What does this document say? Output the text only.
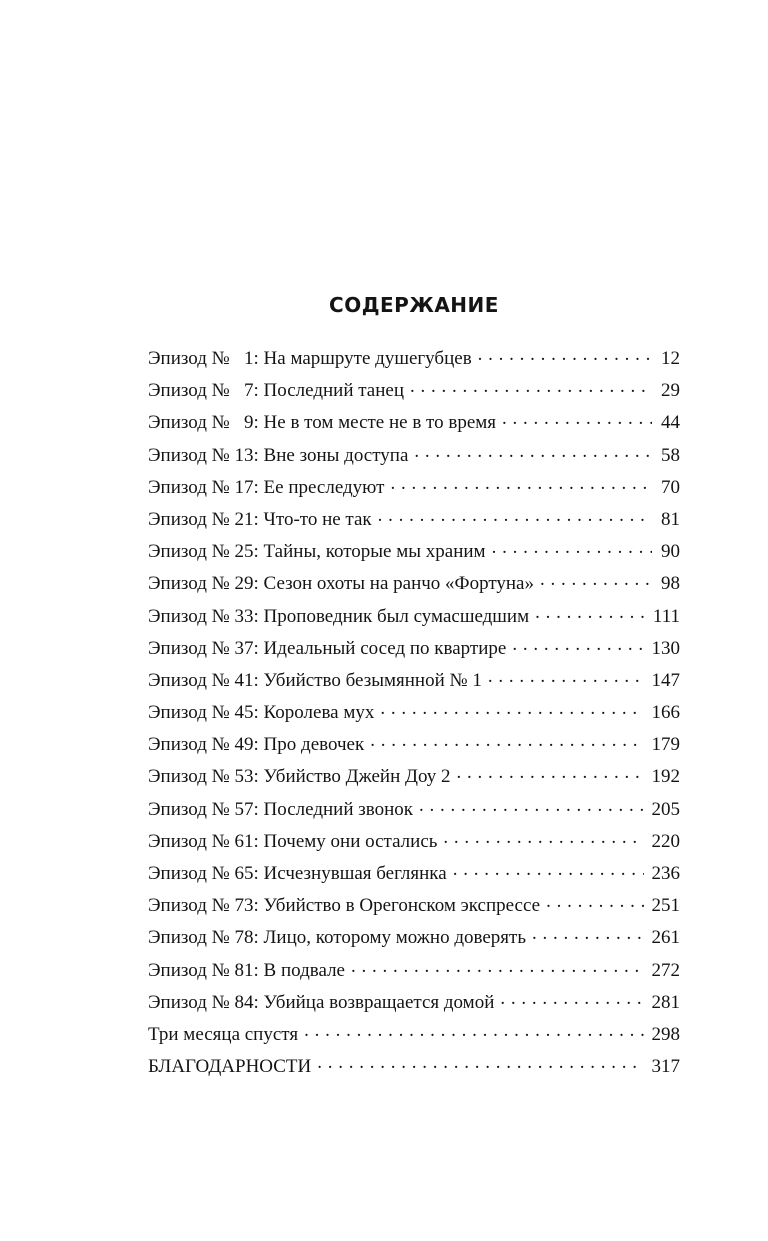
СОДЕРЖАНИЕ
Эпизод №   1: На маршруте душегубцев . . .	12
Эпизод №   7: Последний танец . . .	29
Эпизод №   9: Не в том месте не в то время . . .	44
Эпизод № 13: Вне зоны доступа . . .	58
Эпизод № 17: Ее преследуют . . .	70
Эпизод № 21: Что-то не так . . .	81
Эпизод № 25: Тайны, которые мы храним . . .	90
Эпизод № 29: Сезон охоты на ранчо «Фортуна» . . .	98
Эпизод № 33: Проповедник был сумасшедшим . . .	111
Эпизод № 37: Идеальный сосед по квартире . . .	130
Эпизод № 41: Убийство безымянной № 1 . . .	147
Эпизод № 45: Королева мух . . .	166
Эпизод № 49: Про девочек . . .	179
Эпизод № 53: Убийство Джейн Доу 2 . . .	192
Эпизод № 57: Последний звонок . . .	205
Эпизод № 61: Почему они остались . . .	220
Эпизод № 65: Исчезнувшая беглянка . . .	236
Эпизод № 73: Убийство в Орегонском экспрессе . . .	251
Эпизод № 78: Лицо, которому можно доверять . . .	261
Эпизод № 81: В подвале . . .	272
Эпизод № 84: Убийца возвращается домой . . .	281
Три месяца спустя . . .	298
БЛАГОДАРНОСТИ . . .	317
